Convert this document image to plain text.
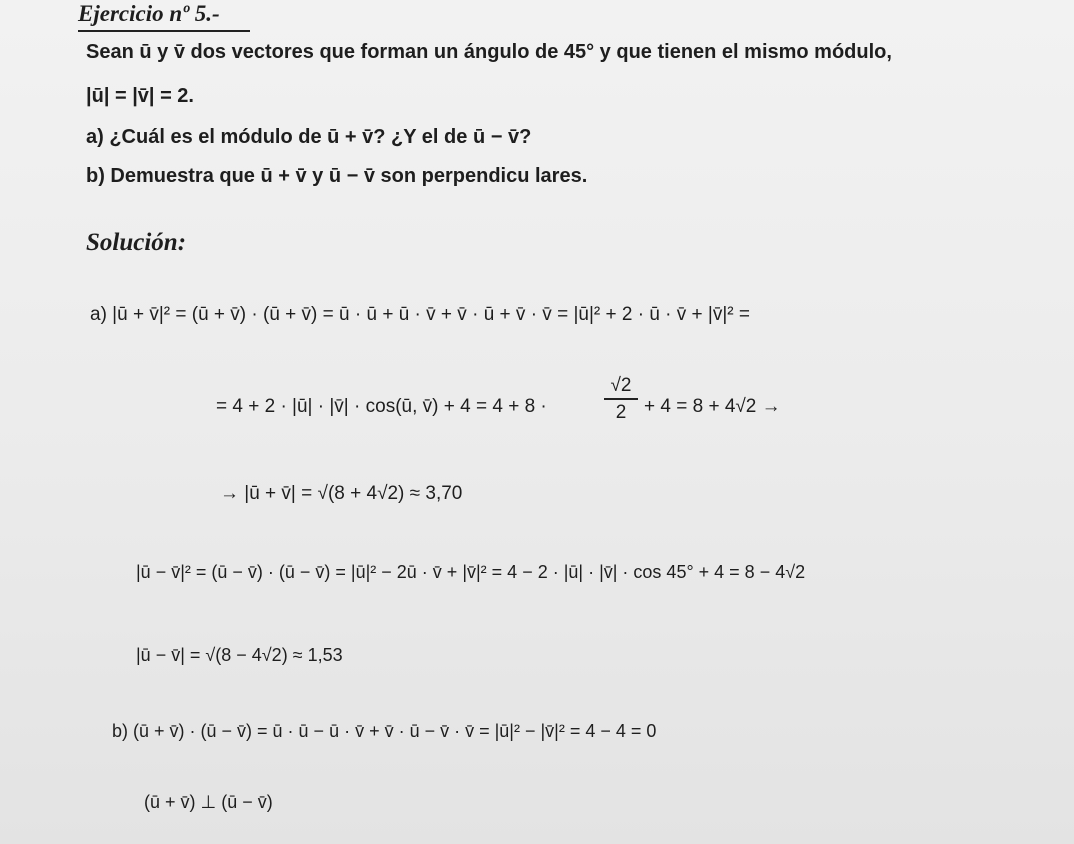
Ejercicio nº 5.-
Sean ū y v̄ dos vectores que forman un ángulo de 45° y que tienen el mismo módulo,
|ū| = |v̄| = 2.
a) ¿Cuál es el módulo de ū + v̄? ¿Y el de ū − v̄?
b) Demuestra que ū + v̄ y ū − v̄ son perpendicu lares.
Solución:
a) |ū + v̄|² = (ū + v̄) · (ū + v̄) = ū · ū + ū · v̄ + v̄ · ū + v̄ · v̄ = |ū|² + 2 · ū · v̄ + |v̄|² =
= 4 + 2 · |ū| · |v̄| · cos(ū, v̄) + 4 = 4 + 8 ·
√2
2 + 4 = 8 + 4√2 →
→ |ū + v̄| = √(8 + 4√2) ≈ 3,70
|ū − v̄|² = (ū − v̄) · (ū − v̄) = |ū|² − 2ū · v̄ + |v̄|² = 4 − 2 · |ū| · |v̄| · cos 45° + 4 = 8 − 4√2
|ū − v̄| = √(8 − 4√2) ≈ 1,53
b) (ū + v̄) · (ū − v̄) = ū · ū − ū · v̄ + v̄ · ū − v̄ · v̄ = |ū|² − |v̄|² = 4 − 4 = 0
(ū + v̄) ⊥ (ū − v̄)
